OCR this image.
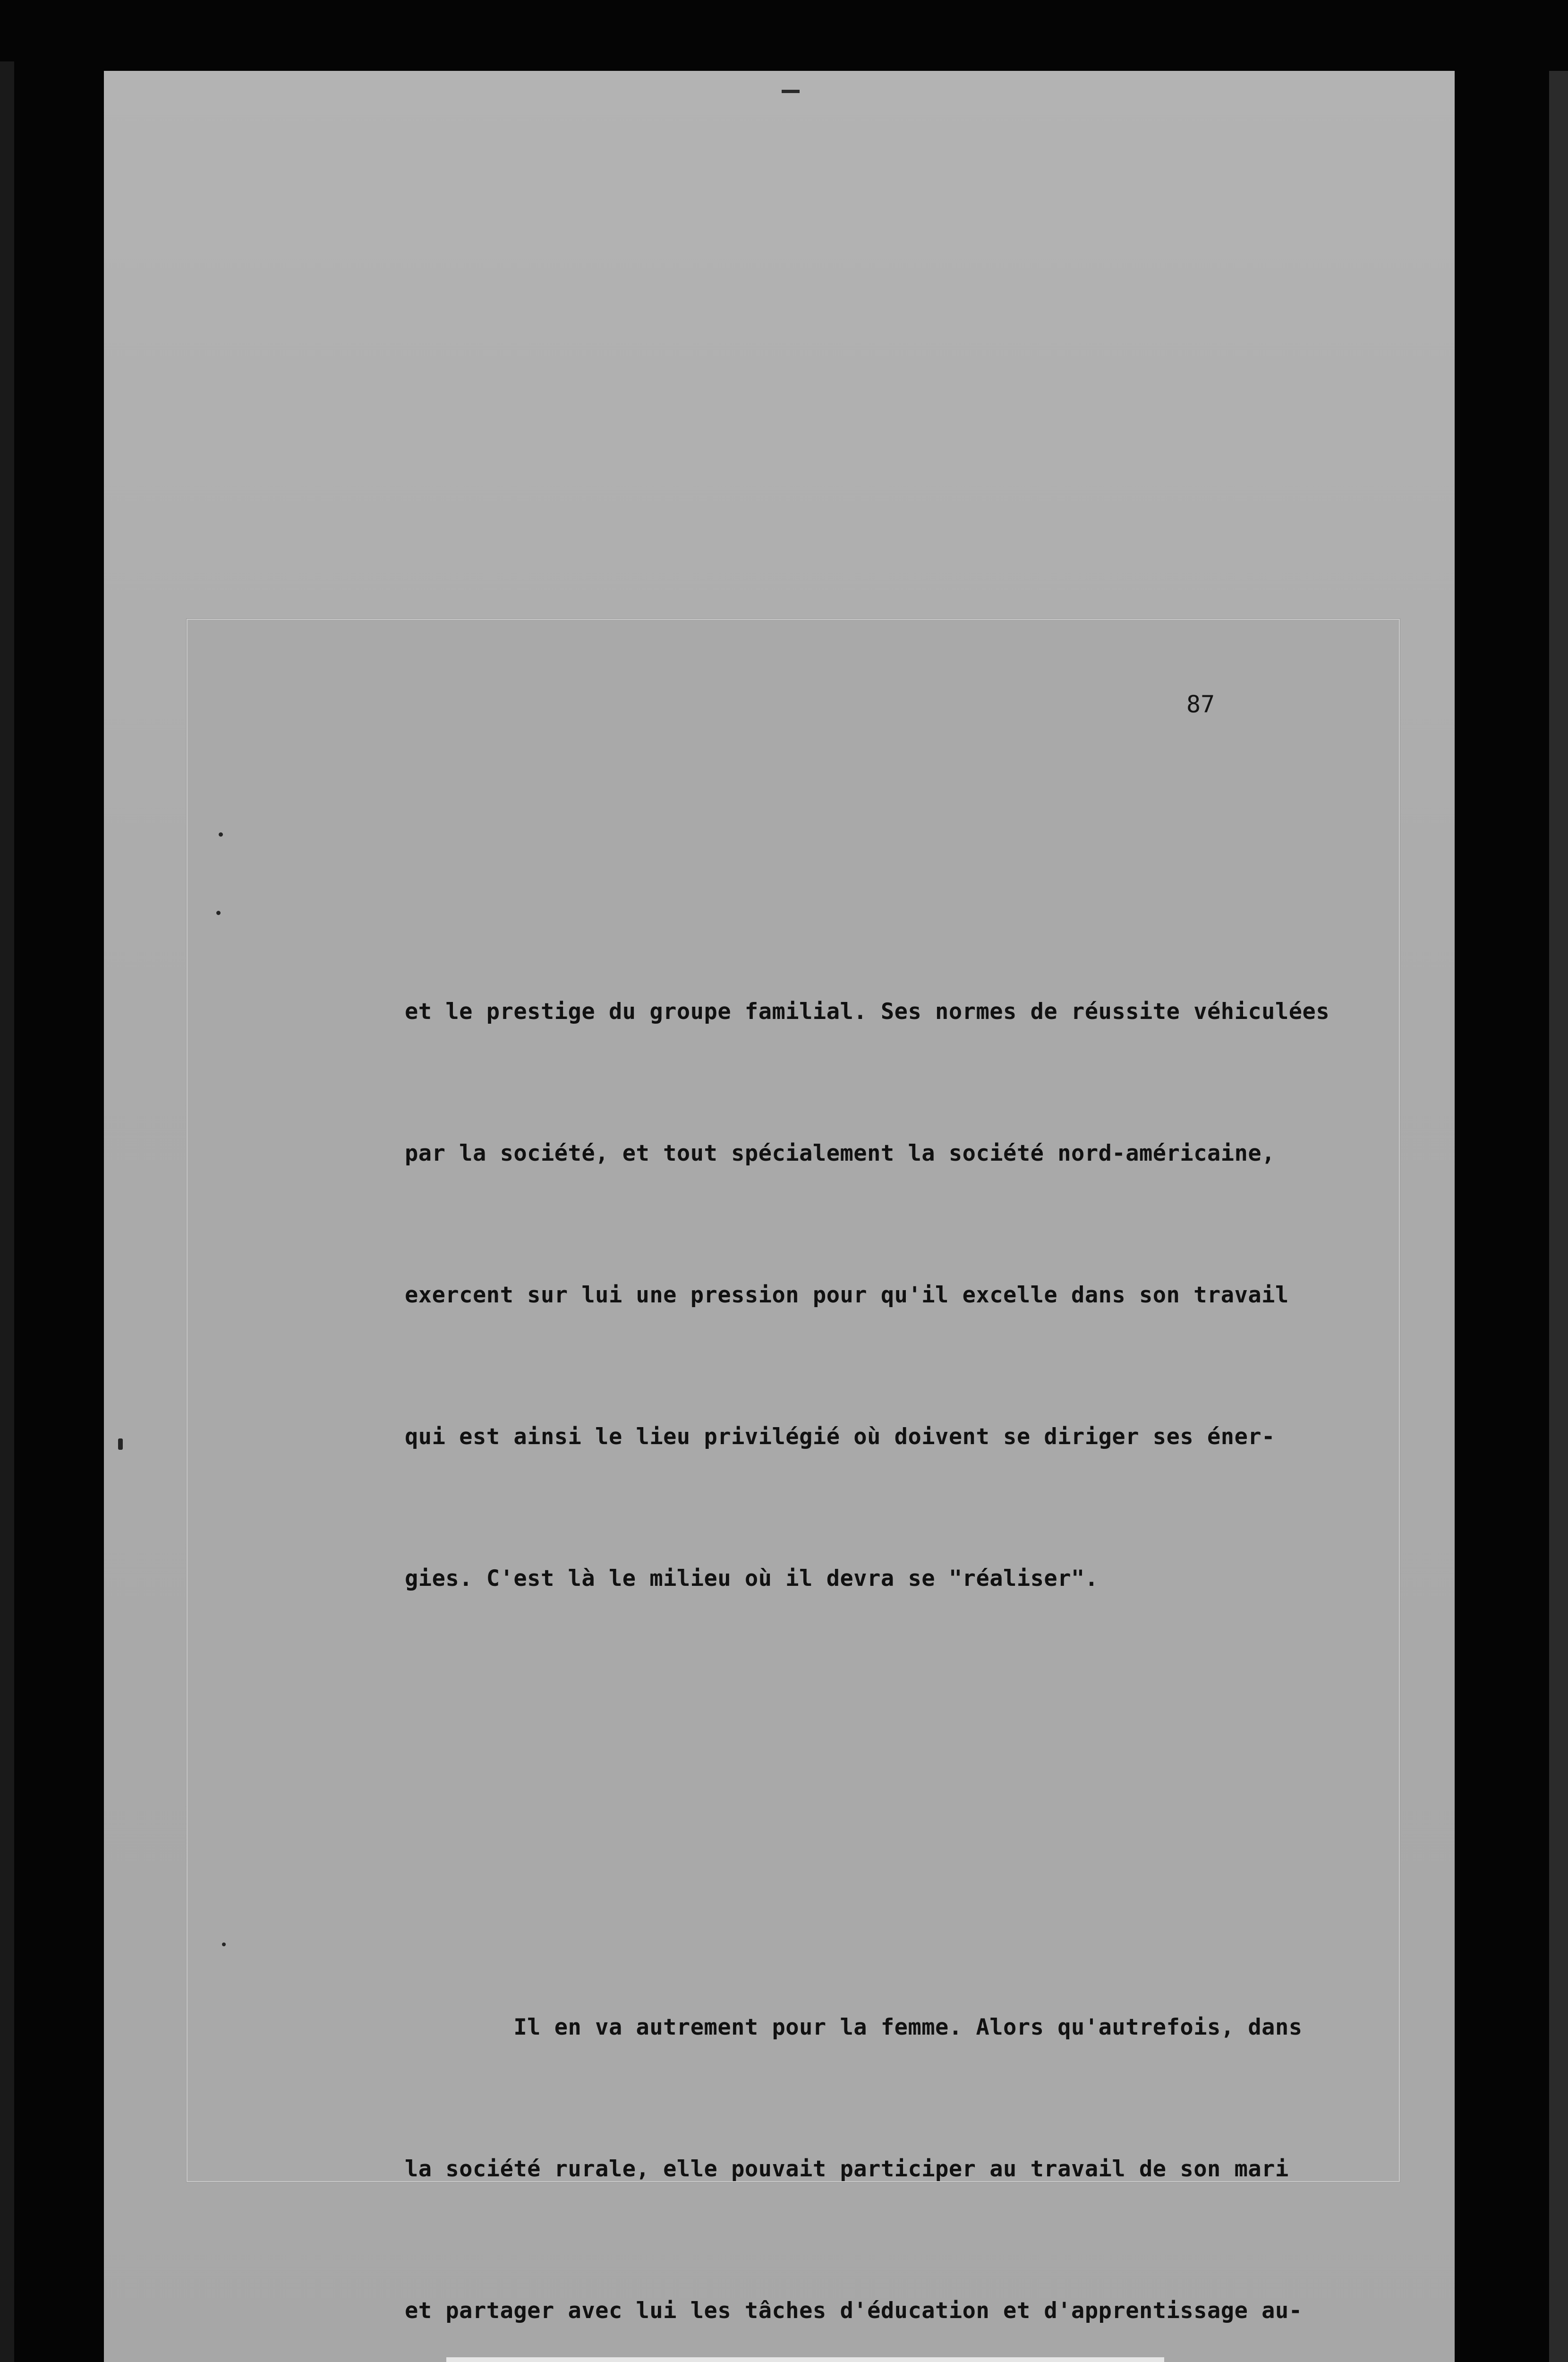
87

et le prestige du groupe familial. Ses normes de réussite véhiculées

par la société, et tout spécialement la société nord-américaine,

exercent sur lui une pression pour qu'il excelle dans son travail

qui est ainsi le lieu privilégié où doivent se diriger ses éner-

gies. C'est là le milieu où il devra se "réaliser".

Il en va autrement pour la femme. Alors qu'autrefois, dans

la société rurale, elle pouvait participer au travail de son mari

et partager avec lui les tâches d'éducation et d'apprentissage au-
